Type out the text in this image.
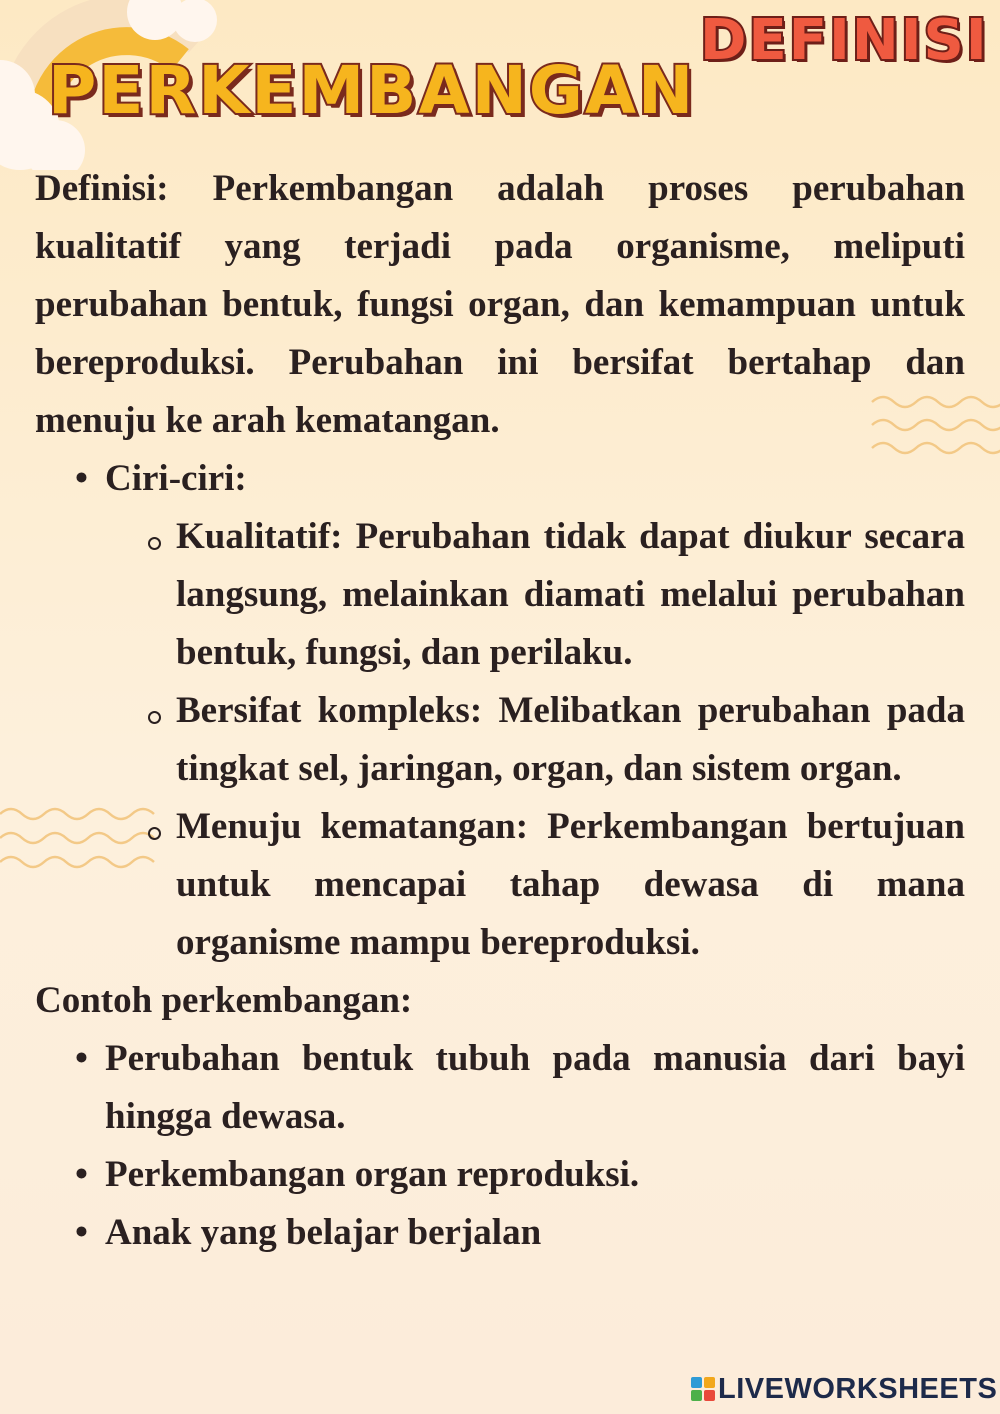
PERKEMBANGAN
DEFINISI

Definisi: Perkembangan adalah proses perubahan kualitatif yang terjadi pada organisme, meliputi perubahan bentuk, fungsi organ, dan kemampuan untuk bereproduksi. Perubahan ini bersifat bertahap dan menuju ke arah kematangan.

• Ciri-ciri:
Kualitatif: Perubahan tidak dapat diukur secara langsung, melainkan diamati melalui perubahan bentuk, fungsi, dan perilaku.
Bersifat kompleks: Melibatkan perubahan pada tingkat sel, jaringan, organ, dan sistem organ.
Menuju kematangan: Perkembangan bertujuan untuk mencapai tahap dewasa di mana organisme mampu bereproduksi.

Contoh perkembangan:

• Perubahan bentuk tubuh pada manusia dari bayi hingga dewasa.
• Perkembangan organ reproduksi.
• Anak yang belajar berjalan
LIVEWORKSHEETS
